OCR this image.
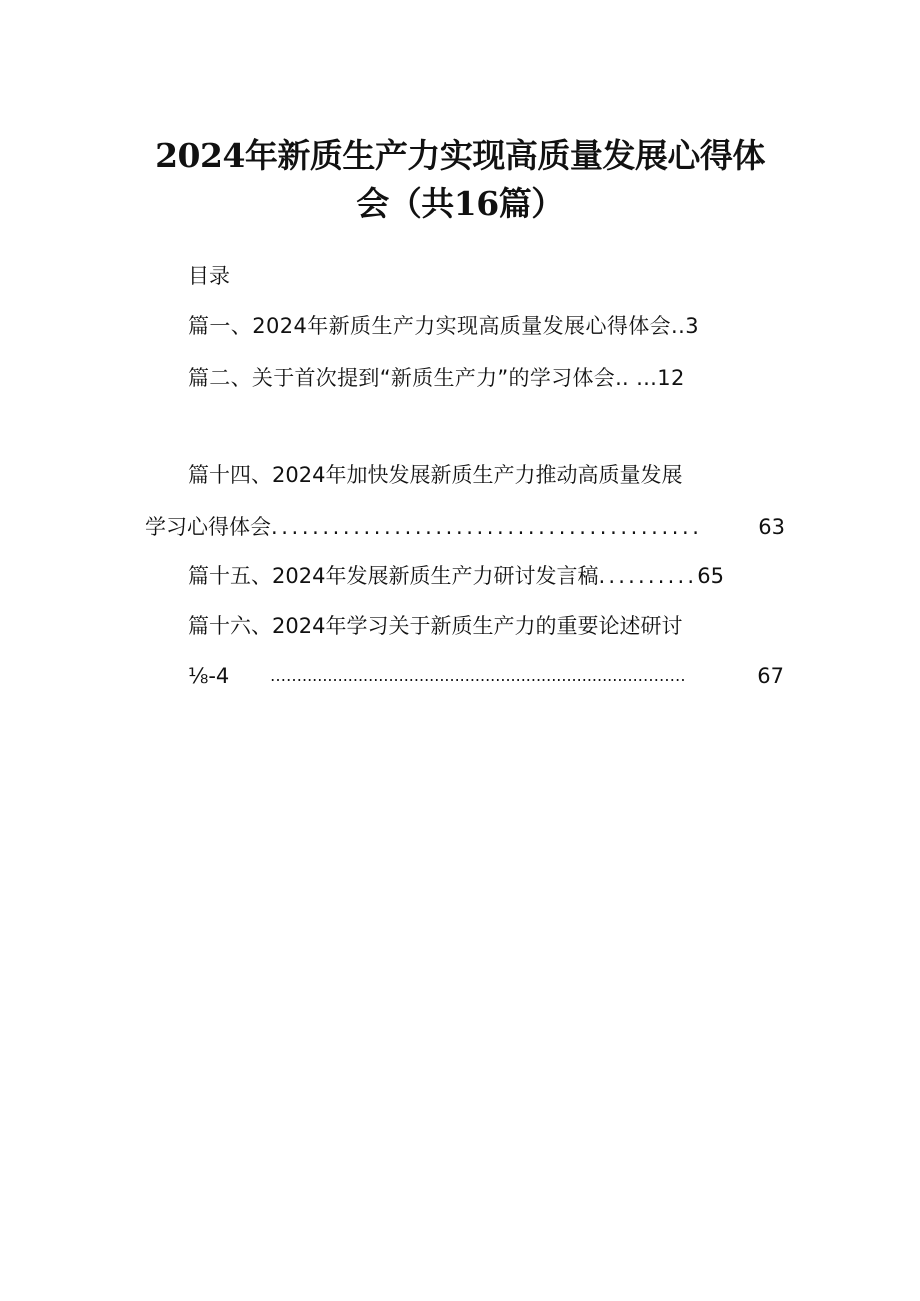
2024年新质生产力实现高质量发展心得体
会（共16篇）
目录
篇一、2024年新质生产力实现高质量发展心得体会..3
篇二、关于首次提到“新质生产力”的学习体会.. …12
篇十四、2024年加快发展新质生产力推动高质量发展
学习心得体会..........................................	63
篇十五、2024年发展新质生产力研讨发言稿..........65
篇十六、2024年学习关于新质生产力的重要论述研讨
⅛-4	……..................................................................………	67
